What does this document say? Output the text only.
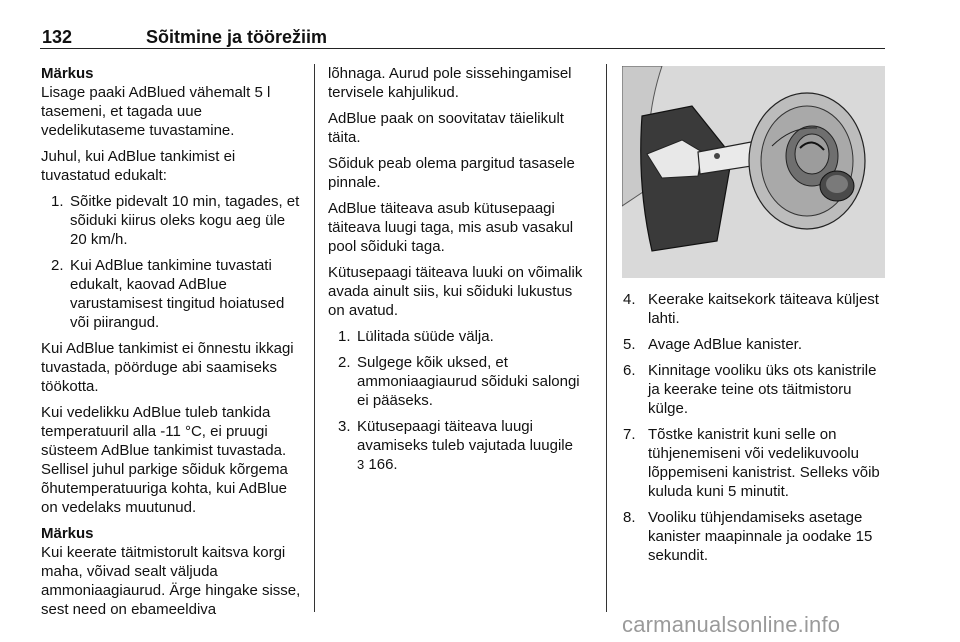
132	Sõitmine ja töörežiim

Märkus
Lisage paaki AdBlued vähemalt 5 l tasemeni, et tagada uue vedelikutaseme tuvastamine.

Juhul, kui AdBlue tankimist ei tuvastatud edukalt:

1. Sõitke pidevalt 10 min, tagades, et sõiduki kiirus oleks kogu aeg üle 20 km/h.
2. Kui AdBlue tankimine tuvastati edukalt, kaovad AdBlue varustamisest tingitud hoiatused või piirangud.

Kui AdBlue tankimist ei õnnestu ikkagi tuvastada, pöörduge abi saamiseks töökotta.

Kui vedelikku AdBlue tuleb tankida temperatuuril alla -11 °C, ei pruugi süsteem AdBlue tankimist tuvastada. Sellisel juhul parkige sõiduk kõrgema õhutemperatuuriga kohta, kui AdBlue on vedelaks muutunud.

Märkus
Kui keerate täitmistorult kaitsva korgi maha, võivad sealt väljuda ammoniaagiaurud. Ärge hingake sisse, sest need on ebameeldiva

lõhnaga. Aurud pole sissehingamisel tervisele kahjulikud.

AdBlue paak on soovitatav täielikult täita.

Sõiduk peab olema pargitud tasasele pinnale.

AdBlue täiteava asub kütusepaagi täiteava luugi taga, mis asub vasakul pool sõiduki taga.

Kütusepaagi täiteava luuki on võimalik avada ainult siis, kui sõiduki lukustus on avatud.

1. Lülitada süüde välja.
2. Sulgege kõik uksed, et ammoniaagiaurud sõiduki salongi ei pääseks.
3. Kütusepaagi täiteava luugi avamiseks tuleb vajutada luugile
3 166.
4. Keerake kaitsekork täiteava küljest lahti.
5. Avage AdBlue kanister.
6. Kinnitage vooliku üks ots kanistrile ja keerake teine ots täitmistoru külge.
7. Tõstke kanistrit kuni selle on tühjenemiseni või vedelikuvoolu lõppemiseni kanistrist. Selleks võib kuluda kuni 5 minutit.
8. Vooliku tühjendamiseks asetage kanister maapinnale ja oodake 15 sekundit.
carmanualsonline.info
